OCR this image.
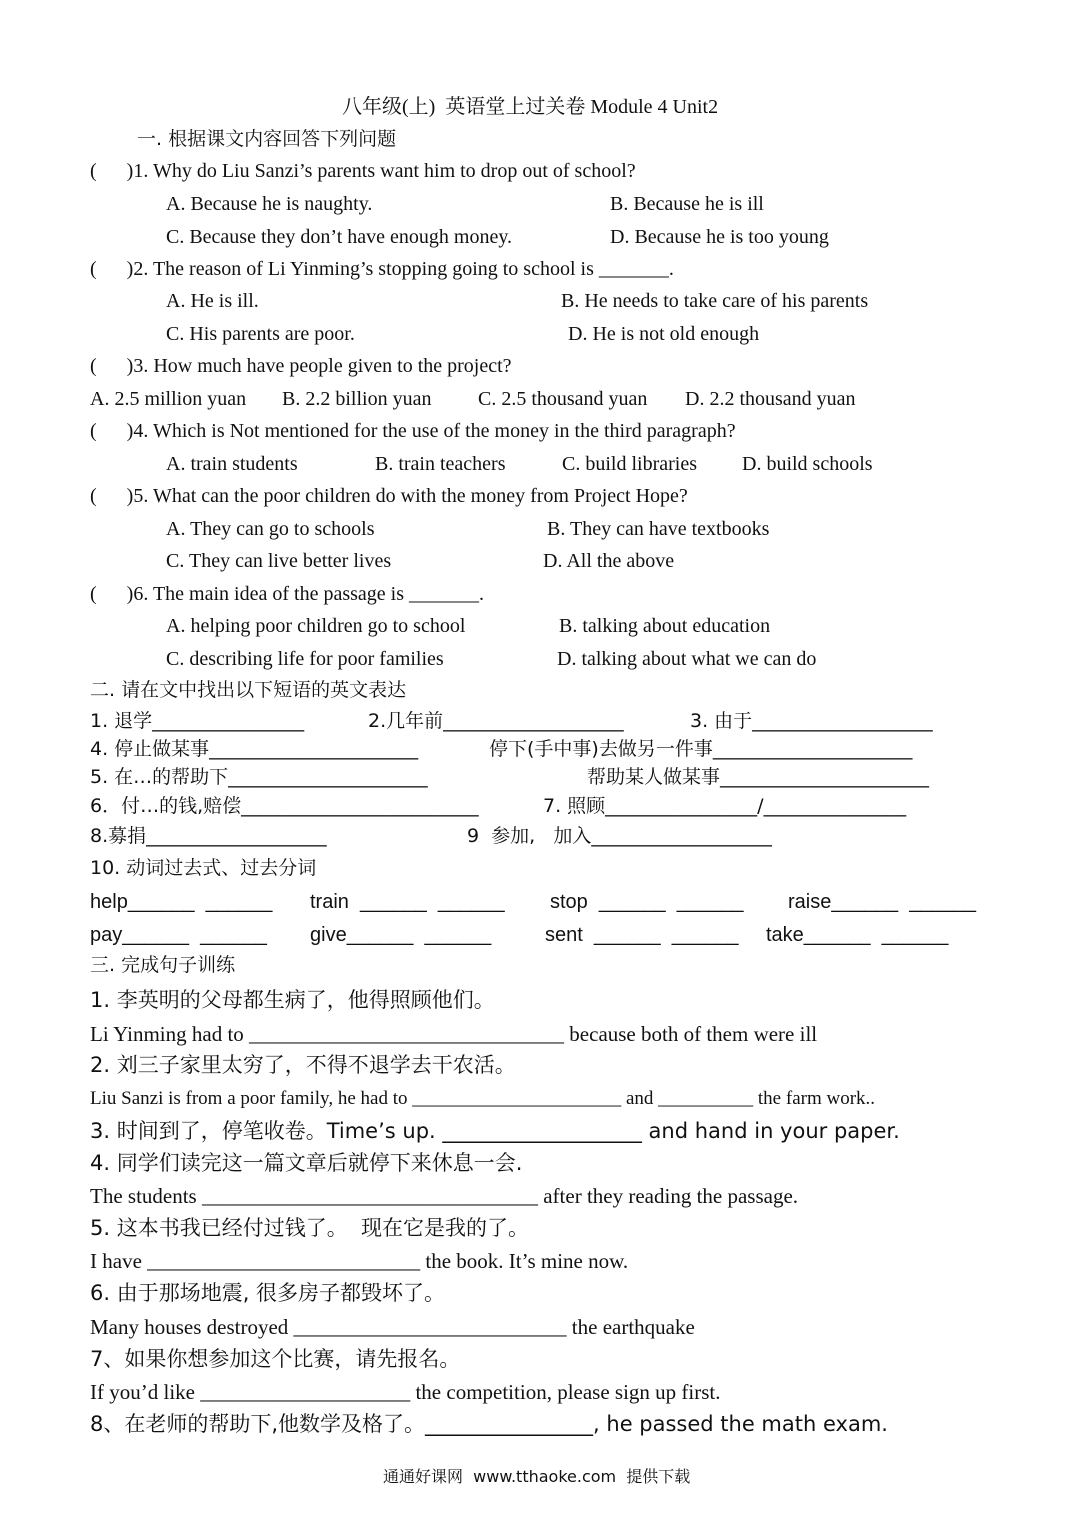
八年级(上)  英语堂上过关卷 Module 4 Unit2
一. 根据课文内容回答下列问题
(      )1. Why do Liu Sanzi’s parents want him to drop out of school?
A. Because he is naughty.	B. Because he is ill
C. Because they don’t have enough money.	D. Because he is too young
(      )2. The reason of Li Yinming’s stopping going to school is _______.
A. He is ill.	B. He needs to take care of his parents
C. His parents are poor.	D. He is not old enough
(      )3. How much have people given to the project?
A. 2.5 million yuan B. 2.2 billion yuan C. 2.5 thousand yuan D. 2.2 thousand yuan
(      )4. Which is Not mentioned for the use of the money in the third paragraph?
A. train students	B. train teachers	C. build libraries D. build schools
(      )5. What can the poor children do with the money from Project Hope?
A. They can go to schools	B. They can have textbooks
C. They can live better lives	D. All the above
(      )6. The main idea of the passage is _______.
A. helping poor children go to school	B. talking about education
C. describing life for poor families	D. talking about what we can do
二. 请在文中找出以下短语的英文表达
1. 退学________________	2.几年前___________________	3. 由于___________________
4. 停止做某事______________________	停下(手中事)去做另一件事_____________________
5. 在…的帮助下_____________________	帮助某人做某事______________________
6．付…的钱,赔偿_________________________	7. 照顾________________/_______________
8.募捐___________________	9  参加,   加入___________________
10. 动词过去式、过去分词
help______  ______ train  ______  ______ stop  ______  ______ raise______  ______
pay______  ______ give______  ______	sent  ______  ______ take______  ______
三. 完成句子训练
1. 李英明的父母都生病了，他得照顾他们。
Li Yinming had to ______________________________ because both of them were ill
2. 刘三子家里太穷了，不得不退学去干农活。
Liu Sanzi is from a poor family, he had to ______________________ and __________ the farm work..
3. 时间到了，停笔收卷。Time’s up. ___________________ and hand in your paper.
4. 同学们读完这一篇文章后就停下来休息一会.
The students ________________________________ after they reading the passage.
5. 这本书我已经付过钱了。  现在它是我的了。
I have __________________________ the book. It’s mine now.
6. 由于那场地震, 很多房子都毁坏了。
Many houses destroyed __________________________ the earthquake
7、如果你想参加这个比赛，请先报名。
If you’d like ____________________ the competition, please sign up first.
8、在老师的帮助下,他数学及格了。________________, he passed the math exam.
通通好课网  www.tthaoke.com  提供下载
